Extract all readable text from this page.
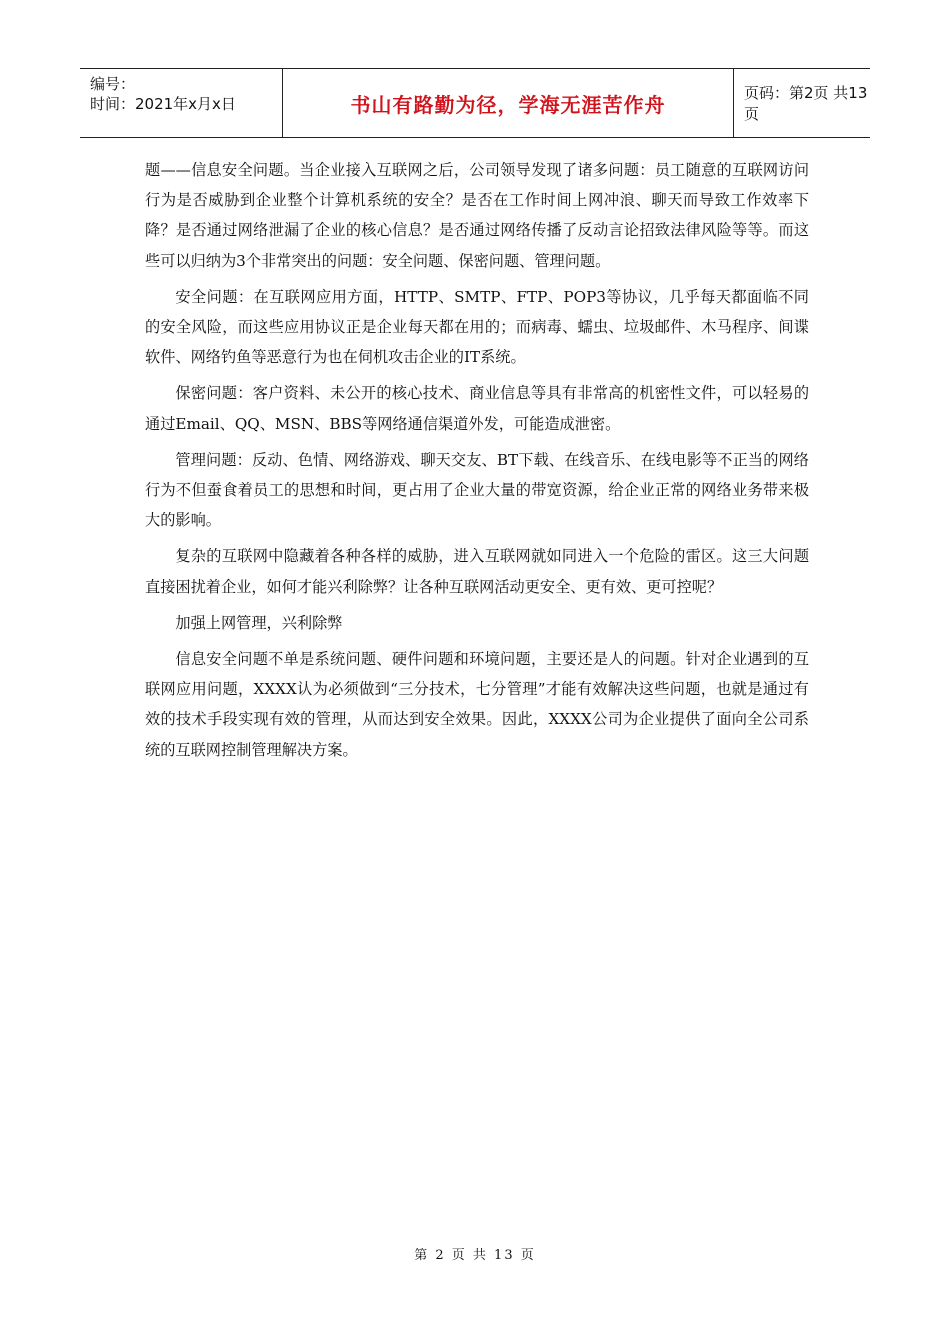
编号：
时间：2021年x月x日	书山有路勤为径，学海无涯苦作舟	页码：第2页 共13页

题——信息安全问题。当企业接入互联网之后，公司领导发现了诸多问题：员工随意的互联网访问行为是否威胁到企业整个计算机系统的安全？是否在工作时间上网冲浪、聊天而导致工作效率下降？是否通过网络泄漏了企业的核心信息？是否通过网络传播了反动言论招致法律风险等等。而这些可以归纳为3个非常突出的问题：安全问题、保密问题、管理问题。

安全问题：在互联网应用方面，HTTP、SMTP、FTP、POP3等协议，几乎每天都面临不同的安全风险，而这些应用协议正是企业每天都在用的；而病毒、蠕虫、垃圾邮件、木马程序、间谍软件、网络钓鱼等恶意行为也在伺机攻击企业的IT系统。

保密问题：客户资料、未公开的核心技术、商业信息等具有非常高的机密性文件，可以轻易的通过Email、QQ、MSN、BBS等网络通信渠道外发，可能造成泄密。

管理问题：反动、色情、网络游戏、聊天交友、BT下载、在线音乐、在线电影等不正当的网络行为不但蚕食着员工的思想和时间，更占用了企业大量的带宽资源，给企业正常的网络业务带来极大的影响。

复杂的互联网中隐藏着各种各样的威胁，进入互联网就如同进入一个危险的雷区。这三大问题直接困扰着企业，如何才能兴利除弊？让各种互联网活动更安全、更有效、更可控呢？

加强上网管理，兴利除弊

信息安全问题不单是系统问题、硬件问题和环境问题，主要还是人的问题。针对企业遇到的互联网应用问题，XXXX认为必须做到“三分技术，七分管理”才能有效解决这些问题，也就是通过有效的技术手段实现有效的管理，从而达到安全效果。因此，XXXX公司为企业提供了面向全公司系统的互联网控制管理解决方案。

第 2 页 共 13 页
